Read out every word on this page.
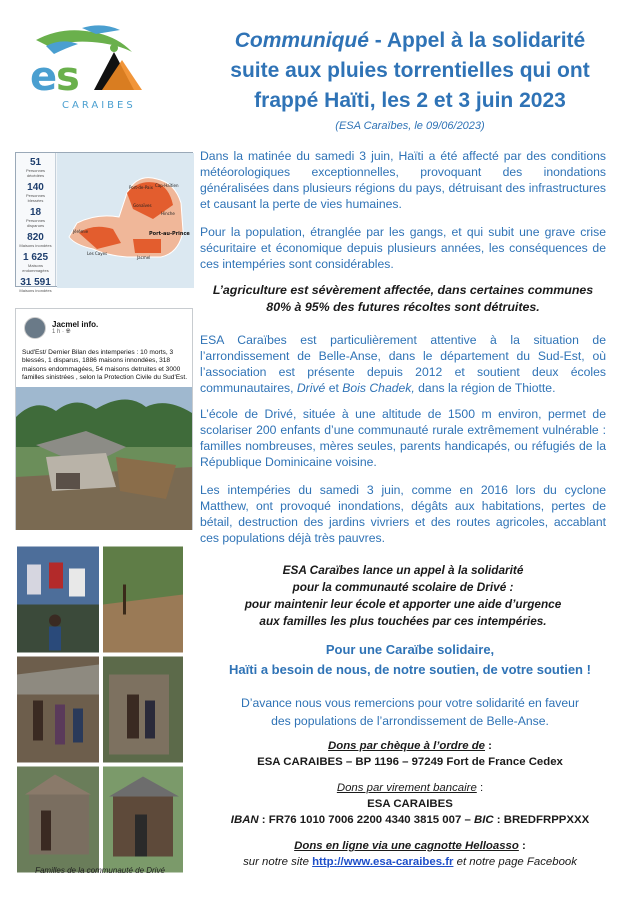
e
s
CARAIBES
Communiqué - Appel à la solidarité
suite aux pluies torrentielles qui ont
frappé Haïti, les 2 et 3 juin 2023
(ESA Caraïbes, le 09/06/2023)
51
Personnes décédées
140
Personnes blessées
18
Personnes disparues
820
Maisons inondées
1 625
Maisons endommagées
31 591
Maisons inondées
Port-de-Paix Cap-Haïtien
Gonaïves
Hinche
Port-au-Prince
Jacmel
Les Cayes
Jérémie
Jacmel info.
1 h · 🌐︎
Sud'Est/ Dernier Bilan des intemperies : 10 morts, 3 blessés, 1 disparus, 1886 maisons innondées, 318 maisons endommagées, 54 maisons detruites et 3000 familles sinistrées , selon la Protection Civile du Sud'Est.
Familles de la communauté de Drivé
Dans la matinée du samedi 3 juin, Haïti a été affecté par des conditions météorologiques exceptionnelles, provoquant des inondations généralisées dans plusieurs régions du pays, détruisant des infrastructures et causant la perte de vies humaines.
Pour la population, étranglée par les gangs, et qui subit une grave crise sécuritaire et économique depuis plusieurs années, les conséquences de ces intempéries sont considérables.
L’agriculture est sévèrement affectée, dans certaines communes
80% à 95% des futures récoltes sont détruites.
ESA Caraïbes est particulièrement attentive à la situation de l’arrondissement de Belle-Anse, dans le département du Sud-Est, où l’association est présente depuis 2012 et soutient deux écoles communautaires, Drivé et Bois Chadek, dans la région de Thiotte.
L’école de Drivé, située à une altitude de 1500 m environ, permet de scolariser 200 enfants d’une communauté rurale extrêmement vulnérable : familles nombreuses, mères seules, parents handicapés, ou réfugiés de la République Dominicaine voisine.
Les intempéries du samedi 3 juin, comme en 2016 lors du cyclone Matthew, ont provoqué inondations, dégâts aux habitations, pertes de bétail, destruction des jardins vivriers et des routes agricoles, accablant ces populations déjà très pauvres.
ESA Caraïbes lance un appel à la solidarité
pour la communauté scolaire de Drivé :
pour maintenir leur école et apporter une aide d’urgence
aux familles les plus touchées par ces intempéries.
Pour une Caraïbe solidaire,
Haïti a besoin de nous, de notre soutien, de votre soutien !
D’avance nous vous remercions pour votre solidarité en faveur
des populations de l’arrondissement de Belle-Anse.
Dons par chèque à l’ordre de :
ESA CARAIBES – BP 1196 – 97249 Fort de France Cedex
Dons par virement bancaire :
ESA CARAIBES
IBAN : FR76 1010 7006 2200 4340 3815 007 – BIC : BREDFRPPXXX
Dons en ligne via une cagnotte Helloasso :
sur notre site http://www.esa-caraibes.fr et notre page Facebook
